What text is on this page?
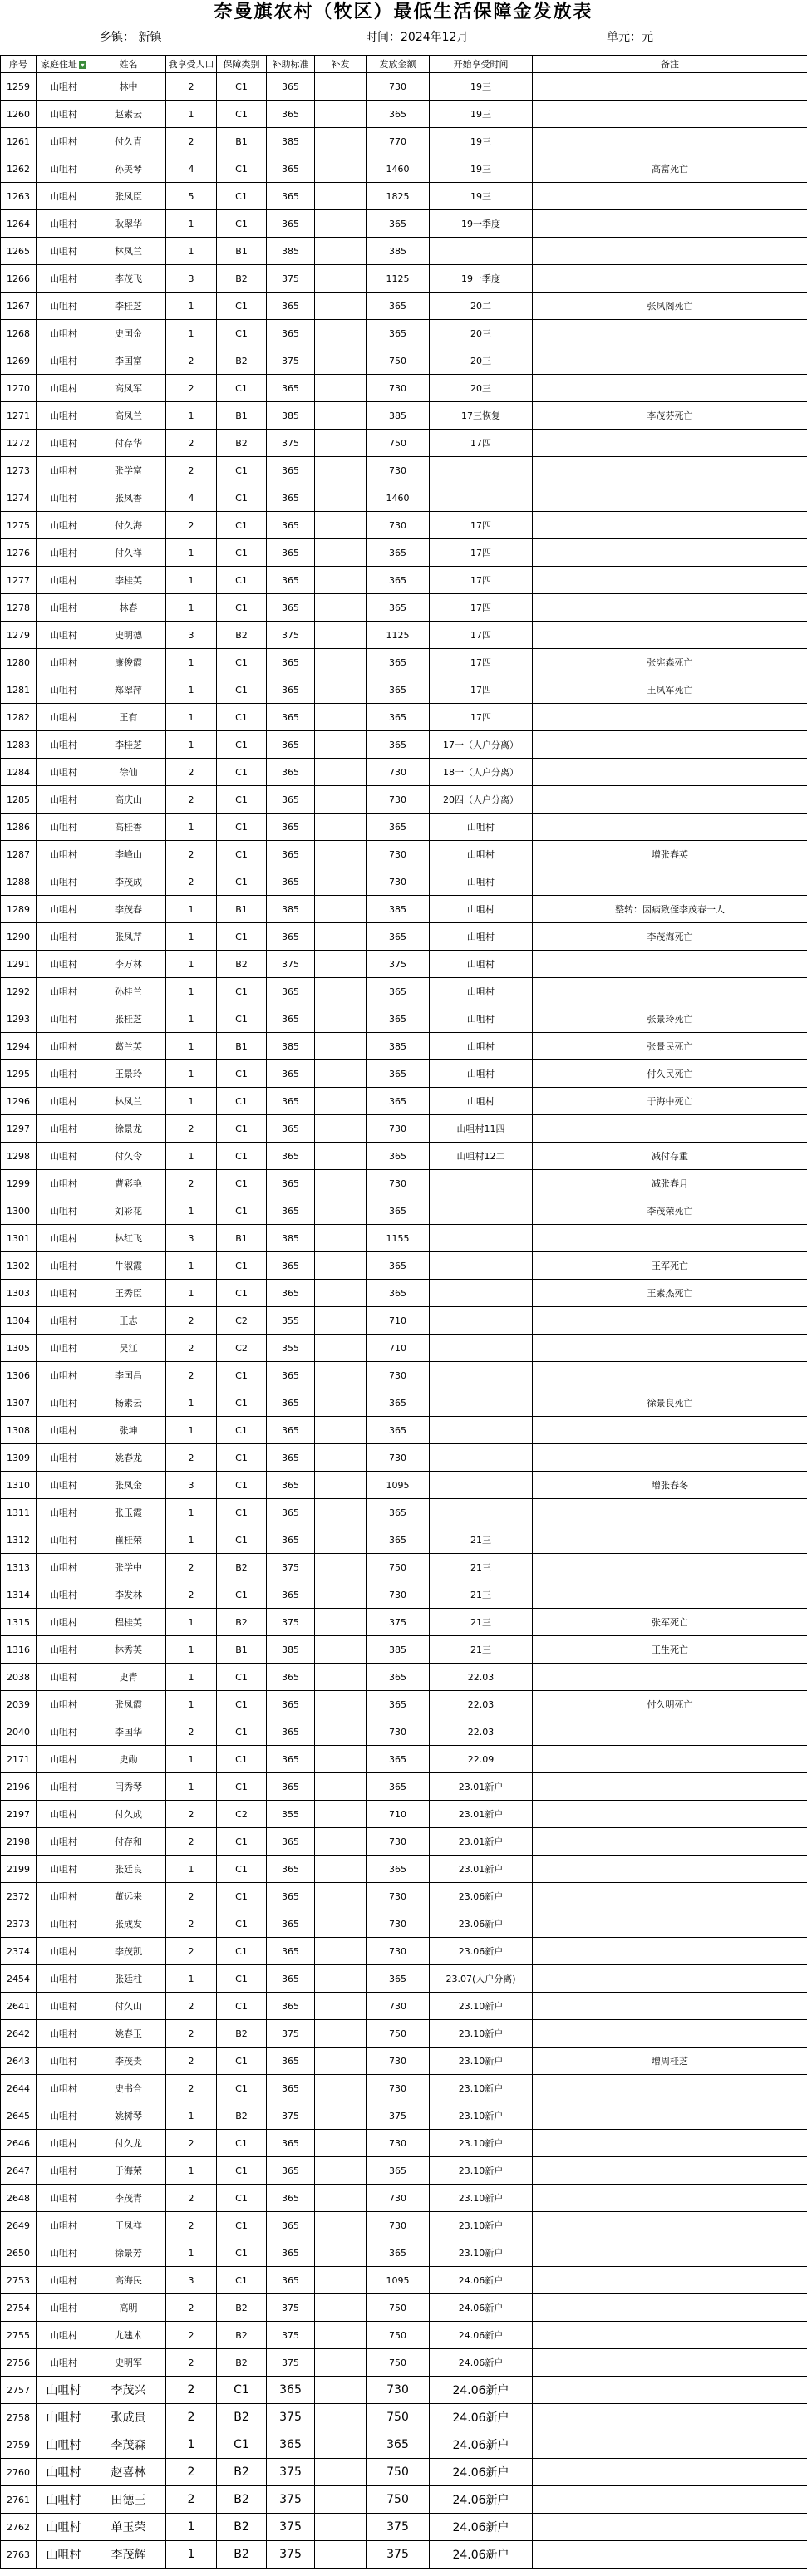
奈曼旗农村（牧区）最低生活保障金发放表
乡镇： 新镇	时间：2024年12月	单元：元
序号	家庭住址 ▾	姓名	我享受人口	保障类别	补助标准	补发	发放金额	开始享受时间	备注
1259	山咀村	林中	2	C1	365		730	19三	
1260	山咀村	赵素云	1	C1	365		365	19三	
1261	山咀村	付久青	2	B1	385		770	19三	
1262	山咀村	孙美琴	4	C1	365		1460	19三	高富死亡
1263	山咀村	张凤臣	5	C1	365		1825	19三	
1264	山咀村	耿翠华	1	C1	365		365	19一季度	
1265	山咀村	林凤兰	1	B1	385		385		
1266	山咀村	李茂飞	3	B2	375		1125	19一季度	
1267	山咀村	李桂芝	1	C1	365		365	20二	张凤阁死亡
1268	山咀村	史国金	1	C1	365		365	20三	
1269	山咀村	李国富	2	B2	375		750	20三	
1270	山咀村	高凤军	2	C1	365		730	20三	
1271	山咀村	高凤兰	1	B1	385		385	17三恢复	李茂芬死亡
1272	山咀村	付存华	2	B2	375		750	17四	
1273	山咀村	张学富	2	C1	365		730		
1274	山咀村	张凤香	4	C1	365		1460		
1275	山咀村	付久海	2	C1	365		730	17四	
1276	山咀村	付久祥	1	C1	365		365	17四	
1277	山咀村	李桂英	1	C1	365		365	17四	
1278	山咀村	林春	1	C1	365		365	17四	
1279	山咀村	史明德	3	B2	375		1125	17四	
1280	山咀村	康俊霞	1	C1	365		365	17四	张宪森死亡
1281	山咀村	郑翠萍	1	C1	365		365	17四	王凤军死亡
1282	山咀村	王有	1	C1	365		365	17四	
1283	山咀村	李桂芝	1	C1	365		365	17一（人户分离）	
1284	山咀村	徐仙	2	C1	365		730	18一（人户分离）	
1285	山咀村	高庆山	2	C1	365		730	20四（人户分离）	
1286	山咀村	高桂香	1	C1	365		365	山咀村	
1287	山咀村	李峰山	2	C1	365		730	山咀村	增张春英
1288	山咀村	李茂成	2	C1	365		730	山咀村	
1289	山咀村	李茂春	1	B1	385		385	山咀村	整转：因病致侄李茂春一人
1290	山咀村	张凤芹	1	C1	365		365	山咀村	李茂海死亡
1291	山咀村	李万林	1	B2	375		375	山咀村	
1292	山咀村	孙桂兰	1	C1	365		365	山咀村	
1293	山咀村	张桂芝	1	C1	365		365	山咀村	张景玲死亡
1294	山咀村	葛兰英	1	B1	385		385	山咀村	张景民死亡
1295	山咀村	王景玲	1	C1	365		365	山咀村	付久民死亡
1296	山咀村	林凤兰	1	C1	365		365	山咀村	于海中死亡
1297	山咀村	徐景龙	2	C1	365		730	山咀村11四	
1298	山咀村	付久令	1	C1	365		365	山咀村12二	减付存重
1299	山咀村	曹彩艳	2	C1	365		730		减张春月
1300	山咀村	刘彩花	1	C1	365		365		李茂荣死亡
1301	山咀村	林红飞	3	B1	385		1155		
1302	山咀村	牛淑霞	1	C1	365		365		王军死亡
1303	山咀村	王秀臣	1	C1	365		365		王素杰死亡
1304	山咀村	王志	2	C2	355		710		
1305	山咀村	吴江	2	C2	355		710		
1306	山咀村	李国昌	2	C1	365		730		
1307	山咀村	杨素云	1	C1	365		365		徐景良死亡
1308	山咀村	张坤	1	C1	365		365		
1309	山咀村	姚春龙	2	C1	365		730		
1310	山咀村	张凤金	3	C1	365		1095		增张春冬
1311	山咀村	张玉霞	1	C1	365		365		
1312	山咀村	崔桂荣	1	C1	365		365	21三	
1313	山咀村	张学中	2	B2	375		750	21三	
1314	山咀村	李发林	2	C1	365		730	21三	
1315	山咀村	程桂英	1	B2	375		375	21三	张军死亡
1316	山咀村	林秀英	1	B1	385		385	21三	王生死亡
2038	山咀村	史青	1	C1	365		365	22.03	
2039	山咀村	张凤霞	1	C1	365		365	22.03	付久明死亡
2040	山咀村	李国华	2	C1	365		730	22.03	
2171	山咀村	史勋	1	C1	365		365	22.09	
2196	山咀村	闫秀琴	1	C1	365		365	23.01新户	
2197	山咀村	付久成	2	C2	355		710	23.01新户	
2198	山咀村	付存和	2	C1	365		730	23.01新户	
2199	山咀村	张廷良	1	C1	365		365	23.01新户	
2372	山咀村	董远来	2	C1	365		730	23.06新户	
2373	山咀村	张成发	2	C1	365		730	23.06新户	
2374	山咀村	李茂凯	2	C1	365		730	23.06新户	
2454	山咀村	张廷柱	1	C1	365		365	23.07(人户分离)	
2641	山咀村	付久山	2	C1	365		730	23.10新户	
2642	山咀村	姚春玉	2	B2	375		750	23.10新户	
2643	山咀村	李茂贵	2	C1	365		730	23.10新户	增周桂芝
2644	山咀村	史书合	2	C1	365		730	23.10新户	
2645	山咀村	姚树琴	1	B2	375		375	23.10新户	
2646	山咀村	付久龙	2	C1	365		730	23.10新户	
2647	山咀村	于海荣	1	C1	365		365	23.10新户	
2648	山咀村	李茂青	2	C1	365		730	23.10新户	
2649	山咀村	王凤祥	2	C1	365		730	23.10新户	
2650	山咀村	徐景芳	1	C1	365		365	23.10新户	
2753	山咀村	高海民	3	C1	365		1095	24.06新户	
2754	山咀村	高明	2	B2	375		750	24.06新户	
2755	山咀村	尤建术	2	B2	375		750	24.06新户	
2756	山咀村	史明军	2	B2	375		750	24.06新户	
2757	山咀村	李茂兴	2	C1	365		730	24.06新户	
2758	山咀村	张成贵	2	B2	375		750	24.06新户	
2759	山咀村	李茂森	1	C1	365		365	24.06新户	
2760	山咀村	赵喜林	2	B2	375		750	24.06新户	
2761	山咀村	田德王	2	B2	375		750	24.06新户	
2762	山咀村	单玉荣	1	B2	375		375	24.06新户	
2763	山咀村	李茂辉	1	B2	375		375	24.06新户	
